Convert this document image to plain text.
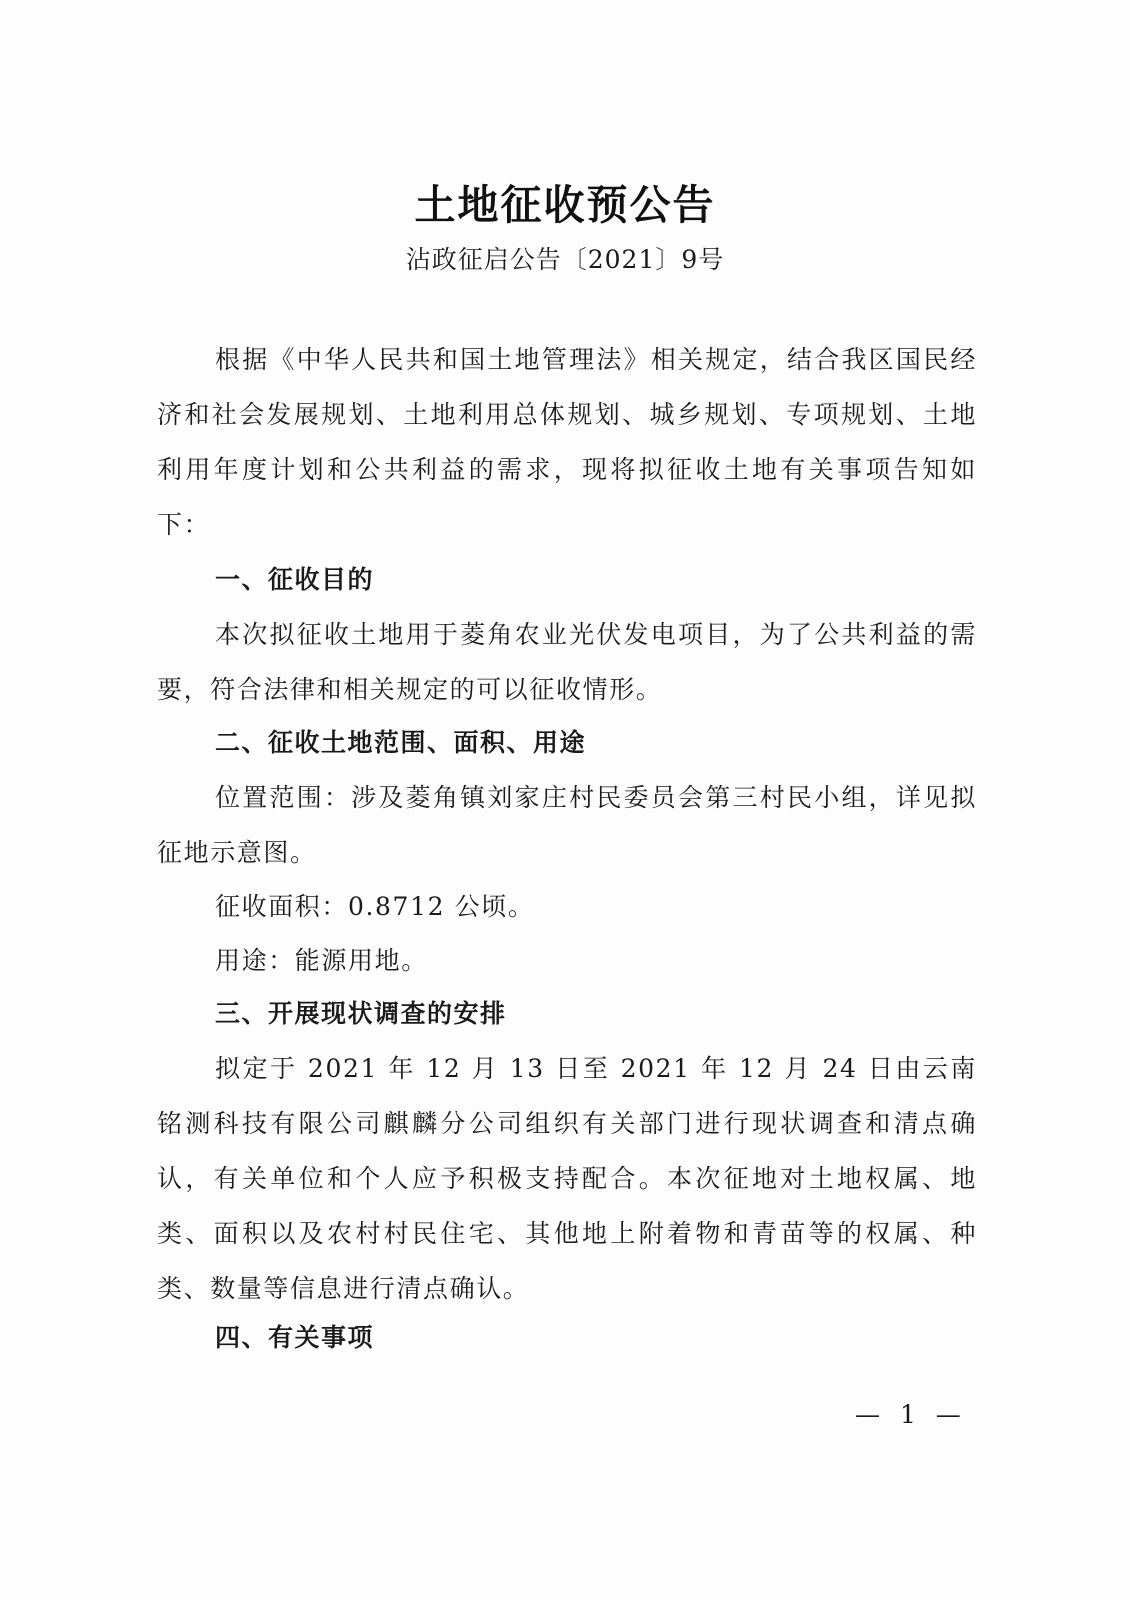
土地征收预公告
沾政征启公告〔2021〕9号

根据《中华人民共和国土地管理法》相关规定，结合我区国民经济和社会发展规划、土地利用总体规划、城乡规划、专项规划、土地利用年度计划和公共利益的需求，现将拟征收土地有关事项告知如下：

一、征收目的

本次拟征收土地用于菱角农业光伏发电项目，为了公共利益的需要，符合法律和相关规定的可以征收情形。

二、征收土地范围、面积、用途

位置范围：涉及菱角镇刘家庄村民委员会第三村民小组，详见拟征地示意图。

征收面积：0.8712 公顷。
用途：能源用地。
三、开展现状调查的安排

拟定于 2021 年 12 月 13 日至 2021 年 12 月 24 日由云南铭测科技有限公司麒麟分公司组织有关部门进行现状调查和清点确认，有关单位和个人应予积极支持配合。本次征地对土地权属、地类、面积以及农村村民住宅、其他地上附着物和青苗等的权属、种类、数量等信息进行清点确认。

四、有关事项
— 1 —
